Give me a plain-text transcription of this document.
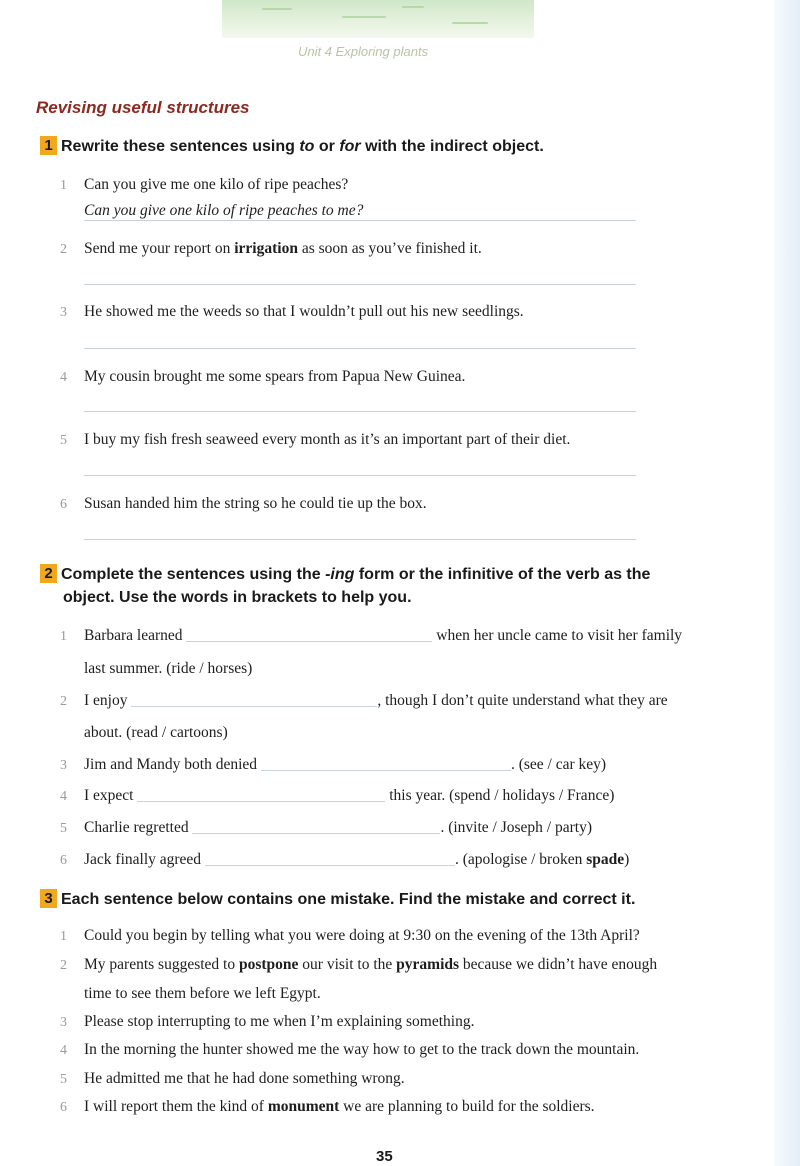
Unit 4 Exploring plants
Revising useful structures
1 Rewrite these sentences using to or for with the indirect object.
1 Can you give me one kilo of ripe peaches?
Can you give one kilo of ripe peaches to me?
2 Send me your report on irrigation as soon as you’ve finished it.
3 He showed me the weeds so that I wouldn’t pull out his new seedlings.
4 My cousin brought me some spears from Papua New Guinea.
5 I buy my fish fresh seaweed every month as it’s an important part of their diet.
6 Susan handed him the string so he could tie up the box.
2 Complete the sentences using the -ing form or the infinitive of the verb as the
object. Use the words in brackets to help you.
1 Barbara learned	when her uncle came to visit her family
last summer. (ride / horses)
2 I enjoy	, though I don’t quite understand what they are
about. (read / cartoons)
3 Jim and Mandy both denied	. (see / car key)
4 I expect	this year. (spend / holidays / France)
5 Charlie regretted	. (invite / Joseph / party)
6 Jack finally agreed	. (apologise / broken spade)
3 Each sentence below contains one mistake. Find the mistake and correct it.
1 Could you begin by telling what you were doing at 9:30 on the evening of the 13th April?
2 My parents suggested to postpone our visit to the pyramids because we didn’t have enough
time to see them before we left Egypt.
3 Please stop interrupting to me when I’m explaining something.
4 In the morning the hunter showed me the way how to get to the track down the mountain.
5 He admitted me that he had done something wrong.
6 I will report them the kind of monument we are planning to build for the soldiers.
35
